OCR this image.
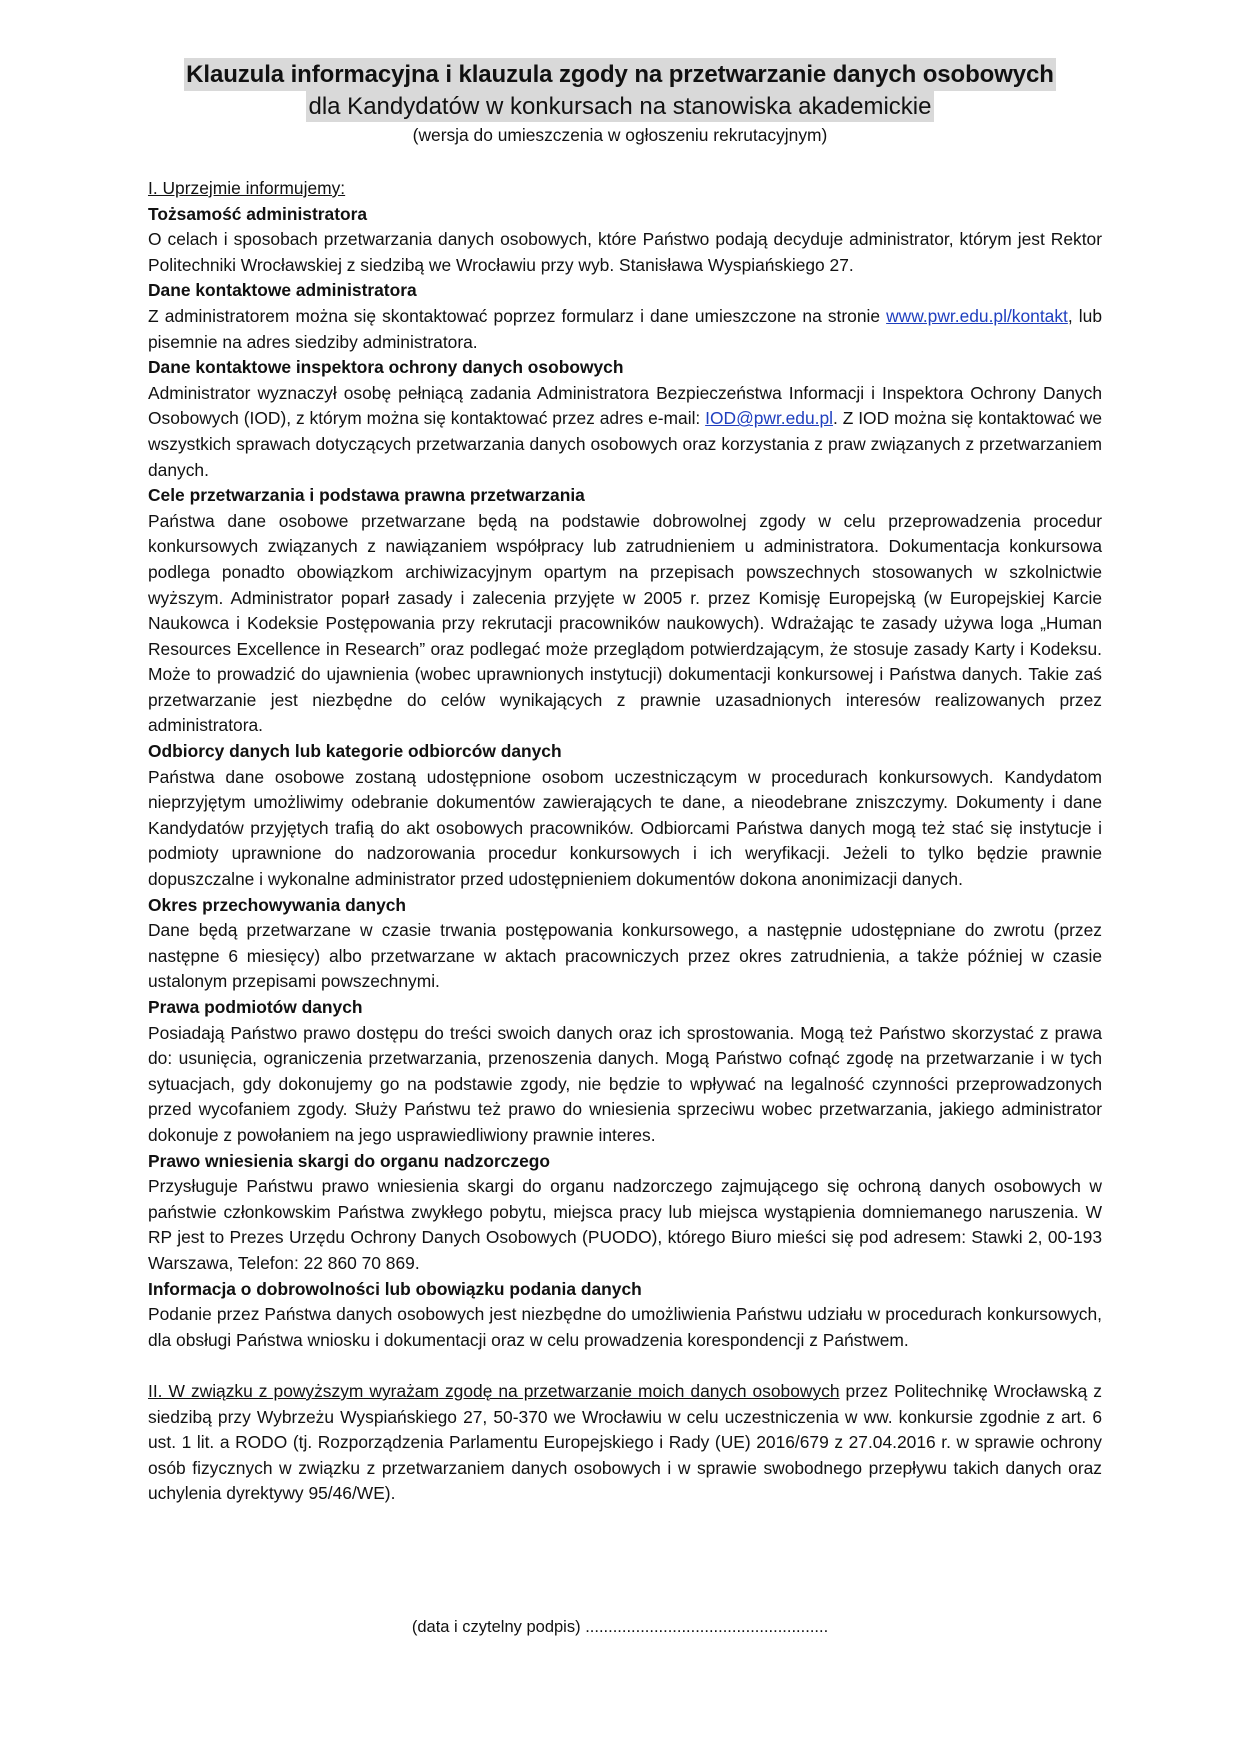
Klauzula informacyjna i klauzula zgody na przetwarzanie danych osobowych
dla Kandydatów w konkursach na stanowiska akademickie
(wersja do umieszczenia w ogłoszeniu rekrutacyjnym)

I. Uprzejmie informujemy:

Tożsamość administratora

O celach i sposobach przetwarzania danych osobowych, które Państwo podają decyduje administrator, którym jest Rektor Politechniki Wrocławskiej z siedzibą we Wrocławiu przy wyb. Stanisława Wyspiańskiego 27.

Dane kontaktowe administratora

Z administratorem można się skontaktować poprzez formularz i dane umieszczone na stronie www.pwr.edu.pl/kontakt, lub pisemnie na adres siedziby administratora.

Dane kontaktowe inspektora ochrony danych osobowych

Administrator wyznaczył osobę pełniącą zadania Administratora Bezpieczeństwa Informacji i Inspektora Ochrony Danych Osobowych (IOD), z którym można się kontaktować przez adres e-mail: IOD@pwr.edu.pl. Z IOD można się kontaktować we wszystkich sprawach dotyczących przetwarzania danych osobowych oraz korzystania z praw związanych z przetwarzaniem danych.

Cele przetwarzania i podstawa prawna przetwarzania

Państwa dane osobowe przetwarzane będą na podstawie dobrowolnej zgody w celu przeprowadzenia procedur konkursowych związanych z nawiązaniem współpracy lub zatrudnieniem u administratora. Dokumentacja konkursowa podlega ponadto obowiązkom archiwizacyjnym opartym na przepisach powszechnych stosowanych w szkolnictwie wyższym. Administrator poparł zasady i zalecenia przyjęte w 2005 r. przez Komisję Europejską (w Europejskiej Karcie Naukowca i Kodeksie Postępowania przy rekrutacji pracowników naukowych). Wdrażając te zasady używa loga „Human Resources Excellence in Research” oraz podlegać może przeglądom potwierdzającym, że stosuje zasady Karty i Kodeksu. Może to prowadzić do ujawnienia (wobec uprawnionych instytucji) dokumentacji konkursowej i Państwa danych. Takie zaś przetwarzanie jest niezbędne do celów wynikających z prawnie uzasadnionych interesów realizowanych przez administratora.

Odbiorcy danych lub kategorie odbiorców danych

Państwa dane osobowe zostaną udostępnione osobom uczestniczącym w procedurach konkursowych. Kandydatom nieprzyjętym umożliwimy odebranie dokumentów zawierających te dane, a nieodebrane zniszczymy. Dokumenty i dane Kandydatów przyjętych trafią do akt osobowych pracowników. Odbiorcami Państwa danych mogą też stać się instytucje i podmioty uprawnione do nadzorowania procedur konkursowych i ich weryfikacji. Jeżeli to tylko będzie prawnie dopuszczalne i wykonalne administrator przed udostępnieniem dokumentów dokona anonimizacji danych.

Okres przechowywania danych

Dane będą przetwarzane w czasie trwania postępowania konkursowego, a następnie udostępniane do zwrotu (przez następne 6 miesięcy) albo przetwarzane w aktach pracowniczych przez okres zatrudnienia, a także później w czasie ustalonym przepisami powszechnymi.

Prawa podmiotów danych

Posiadają Państwo prawo dostępu do treści swoich danych oraz ich sprostowania. Mogą też Państwo skorzystać z prawa do: usunięcia, ograniczenia przetwarzania, przenoszenia danych. Mogą Państwo cofnąć zgodę na przetwarzanie i w tych sytuacjach, gdy dokonujemy go na podstawie zgody, nie będzie to wpływać na legalność czynności przeprowadzonych przed wycofaniem zgody. Służy Państwu też prawo do wniesienia sprzeciwu wobec przetwarzania, jakiego administrator dokonuje z powołaniem na jego usprawiedliwiony prawnie interes.

Prawo wniesienia skargi do organu nadzorczego

Przysługuje Państwu prawo wniesienia skargi do organu nadzorczego zajmującego się ochroną danych osobowych w państwie członkowskim Państwa zwykłego pobytu, miejsca pracy lub miejsca wystąpienia domniemanego naruszenia. W RP jest to Prezes Urzędu Ochrony Danych Osobowych (PUODO), którego Biuro mieści się pod adresem: Stawki 2, 00-193 Warszawa, Telefon: 22 860 70 869.

Informacja o dobrowolności lub obowiązku podania danych

Podanie przez Państwa danych osobowych jest niezbędne do umożliwienia Państwu udziału w procedurach konkursowych, dla obsługi Państwa wniosku i dokumentacji oraz w celu prowadzenia korespondencji z Państwem.

II. W związku z powyższym wyrażam zgodę na przetwarzanie moich danych osobowych przez Politechnikę Wrocławską z siedzibą przy Wybrzeżu Wyspiańskiego 27, 50-370 we Wrocławiu w celu uczestniczenia w ww. konkursie zgodnie z art. 6 ust. 1 lit. a RODO (tj. Rozporządzenia Parlamentu Europejskiego i Rady (UE) 2016/679 z 27.04.2016 r. w sprawie ochrony osób fizycznych w związku z przetwarzaniem danych osobowych i w sprawie swobodnego przepływu takich danych oraz uchylenia dyrektywy 95/46/WE).

(data i czytelny podpis) .....................................................
